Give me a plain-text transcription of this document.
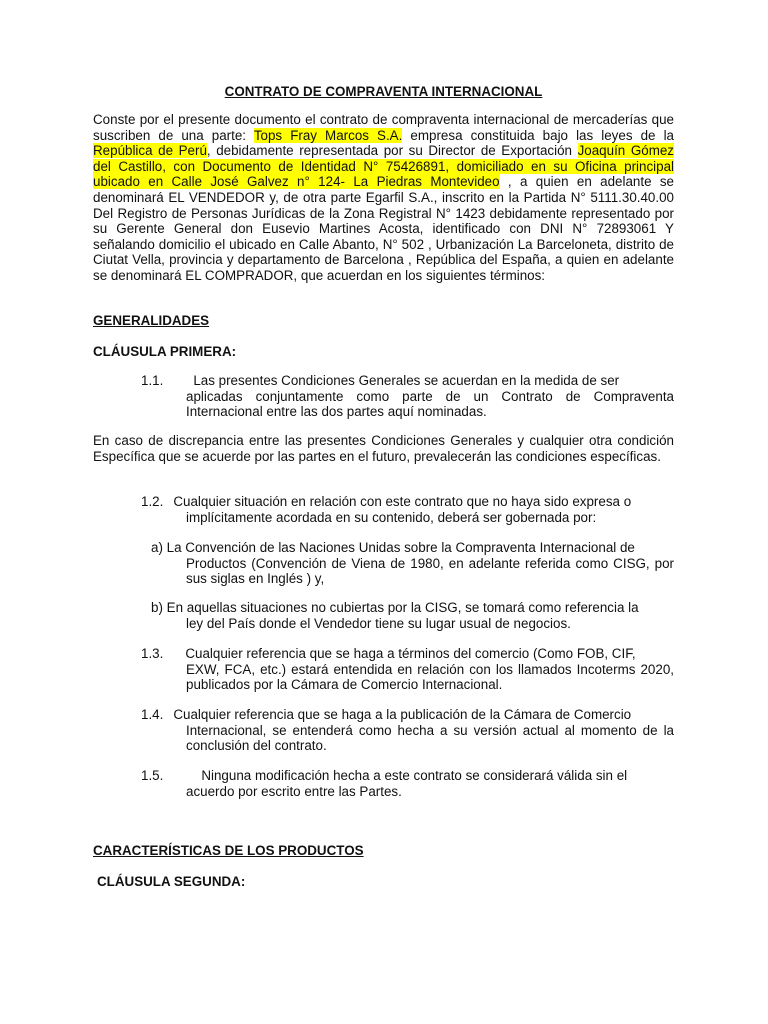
CONTRATO DE COMPRAVENTA INTERNACIONAL

Conste por el presente documento el contrato de compraventa internacional de mercaderías que suscriben de una parte: Tops Fray Marcos S.A. empresa constituida bajo las leyes de la República de Perú, debidamente representada por su Director de Exportación Joaquín Gómez del Castillo, con Documento de Identidad N° 75426891, domiciliado en su Oficina principal ubicado en Calle José Galvez n° 124- La Piedras Montevideo , a quien en adelante se denominará EL VENDEDOR y, de otra parte Egarfil S.A., inscrito en la Partida N° 5111.30.40.00 Del Registro de Personas Jurídicas de la Zona Registral N° 1423 debidamente representado por su Gerente General don Eusevio Martines Acosta, identificado con DNI N° 72893061 Y señalando domicilio el ubicado en Calle Abanto, N° 502 , Urbanización La Barceloneta, distrito de Ciutat Vella, provincia y departamento de Barcelona , República del España, a quien en adelante se denominará EL COMPRADOR, que acuerdan en los siguientes términos:

GENERALIDADES

CLÁUSULA PRIMERA:

1.1. Las presentes Condiciones Generales se acuerdan en la medida de ser
aplicadas conjuntamente como parte de un Contrato de Compraventa Internacional entre las dos partes aquí nominadas.

En caso de discrepancia entre las presentes Condiciones Generales y cualquier otra condición Específica que se acuerde por las partes en el futuro, prevalecerán las condiciones específicas.

1.2. Cualquier situación en relación con este contrato que no haya sido expresa o
implícitamente acordada en su contenido, deberá ser gobernada por:
a) La Convención de las Naciones Unidas sobre la Compraventa Internacional de
Productos (Convención de Viena de 1980, en adelante referida como CISG, por sus siglas en Inglés ) y,
b) En aquellas situaciones no cubiertas por la CISG, se tomará como referencia la
ley del País donde el Vendedor tiene su lugar usual de negocios.
1.3. Cualquier referencia que se haga a términos del comercio (Como FOB, CIF,
EXW, FCA, etc.) estará entendida en relación con los llamados Incoterms 2020, publicados por la Cámara de Comercio Internacional.
1.4. Cualquier referencia que se haga a la publicación de la Cámara de Comercio
Internacional, se entenderá como hecha a su versión actual al momento de la conclusión del contrato.
1.5.	Ninguna modificación hecha a este contrato se considerará válida sin el
acuerdo por escrito entre las Partes.

CARACTERÍSTICAS DE LOS PRODUCTOS

CLÁUSULA SEGUNDA:
